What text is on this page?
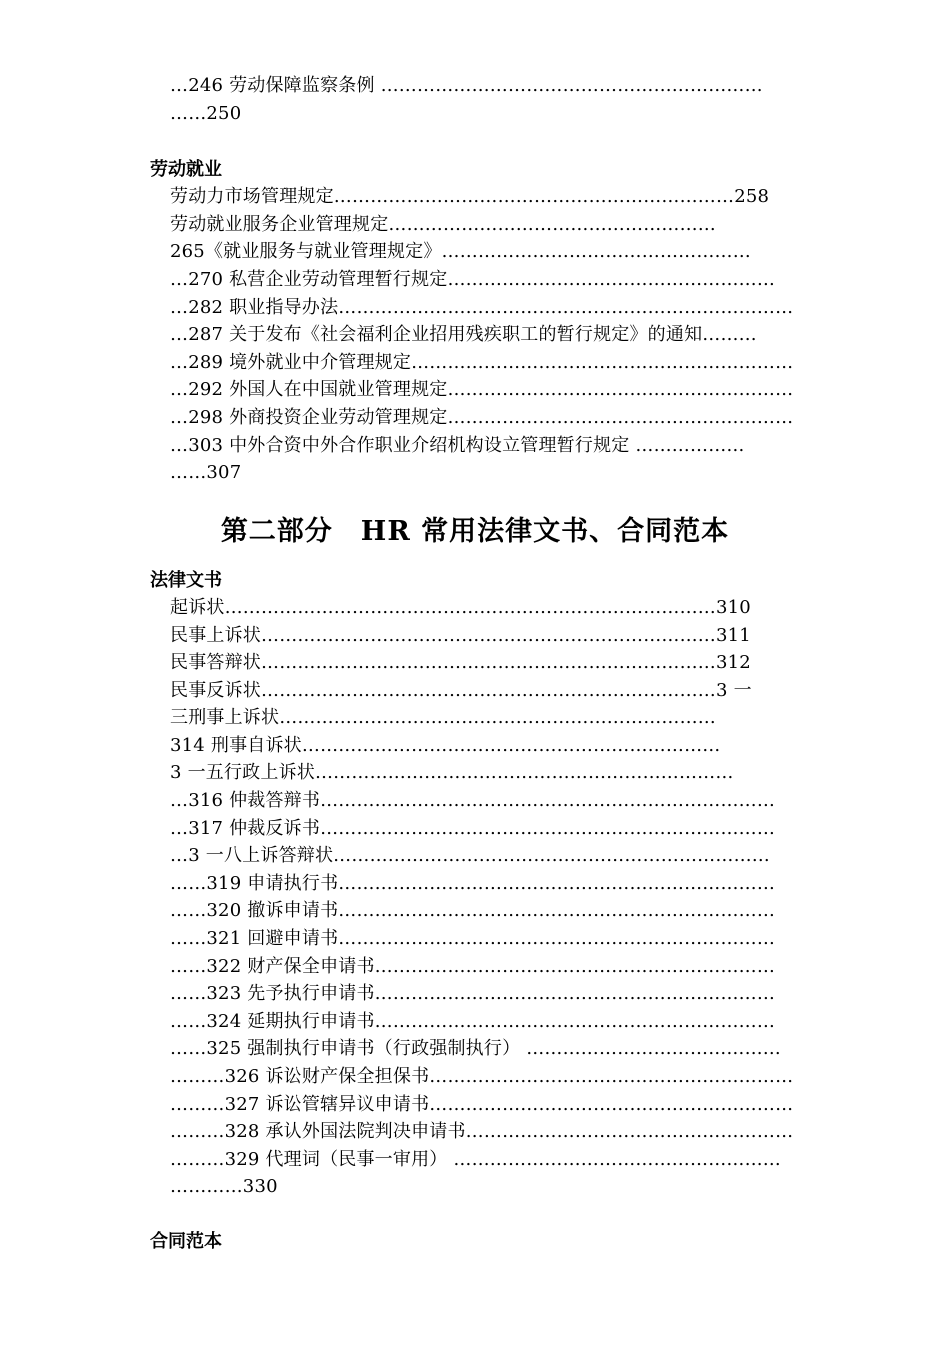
…246 劳动保障监察条例 ………………………………………………………
……250
劳动就业
劳动力市场管理规定…………………………………………………………258
劳动就业服务企业管理规定………………………………………………
265《就业服务与就业管理规定》……………………………………………
…270 私营企业劳动管理暂行规定………………………………………………
…282 职业指导办法…………………………………………………………………
…287 关于发布《社会福利企业招用残疾职工的暂行规定》的通知………
…289 境外就业中介管理规定………………………………………………………
…292 外国人在中国就业管理规定…………………………………………………
…298 外商投资企业劳动管理规定…………………………………………………
…303 中外合资中外合作职业介绍机构设立管理暂行规定 ………………
……307
第二部分　HR 常用法律文书、合同范本
法律文书
起诉状………………………………………………………………………310
民事上诉状…………………………………………………………………311
民事答辩状…………………………………………………………………312
民事反诉状…………………………………………………………………3 一
三刑事上诉状………………………………………………………………
314 刑事自诉状……………………………………………………………
3 一五行政上诉状……………………………………………………………
…316 仲裁答辩书…………………………………………………………………
…317 仲裁反诉书…………………………………………………………………
…3 一八上诉答辩状………………………………………………………………
……319 申请执行书………………………………………………………………
……320 撤诉申请书………………………………………………………………
……321 回避申请书………………………………………………………………
……322 财产保全申请书…………………………………………………………
……323 先予执行申请书…………………………………………………………
……324 延期执行申请书…………………………………………………………
……325 强制执行申请书（行政强制执行） ……………………………………
………326 诉讼财产保全担保书……………………………………………………
………327 诉讼管辖异议申请书……………………………………………………
………328 承认外国法院判决申请书………………………………………………
………329 代理词（民事一审用） ………………………………………………
…………330
合同范本
